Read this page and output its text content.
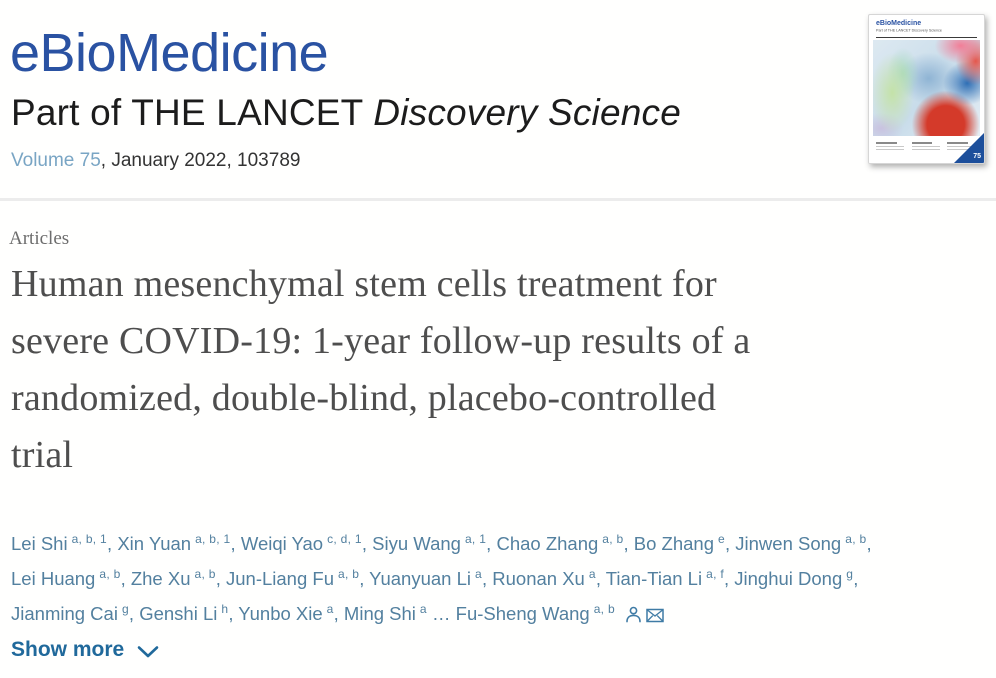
eBioMedicine
Part of THE LANCET Discovery Science
Volume 75, January 2022, 103789
eBioMedicine
Part of THE LANCET Discovery Science
75
Articles
Human mesenchymal stem cells treatment for
severe COVID-19: 1-year follow-up results of a
randomized, double-blind, placebo-controlled
trial

Lei Shi $^{a, b, 1}$, Xin Yuan $^{a, b, 1}$, Weiqi Yao $^{c, d, 1}$, Siyu Wang $^{a, 1}$, Chao Zhang $^{a, b}$, Bo Zhang $^e$, Jinwen Song $^{a, b}$, Lei Huang $^{a, b}$, Zhe Xu $^{a, b}$, Jun-Liang Fu $^{a, b}$, Yuanyuan Li $^a$, Ruonan Xu $^a$, Tian-Tian Li $^{a, f}$, Jinghui Dong $^g$, Jianming Cai $^g$, Genshi Li $^h$, Yunbo Xie $^a$, Ming Shi $^a$ … Fu-Sheng Wang $^{a, b}$

Show more
